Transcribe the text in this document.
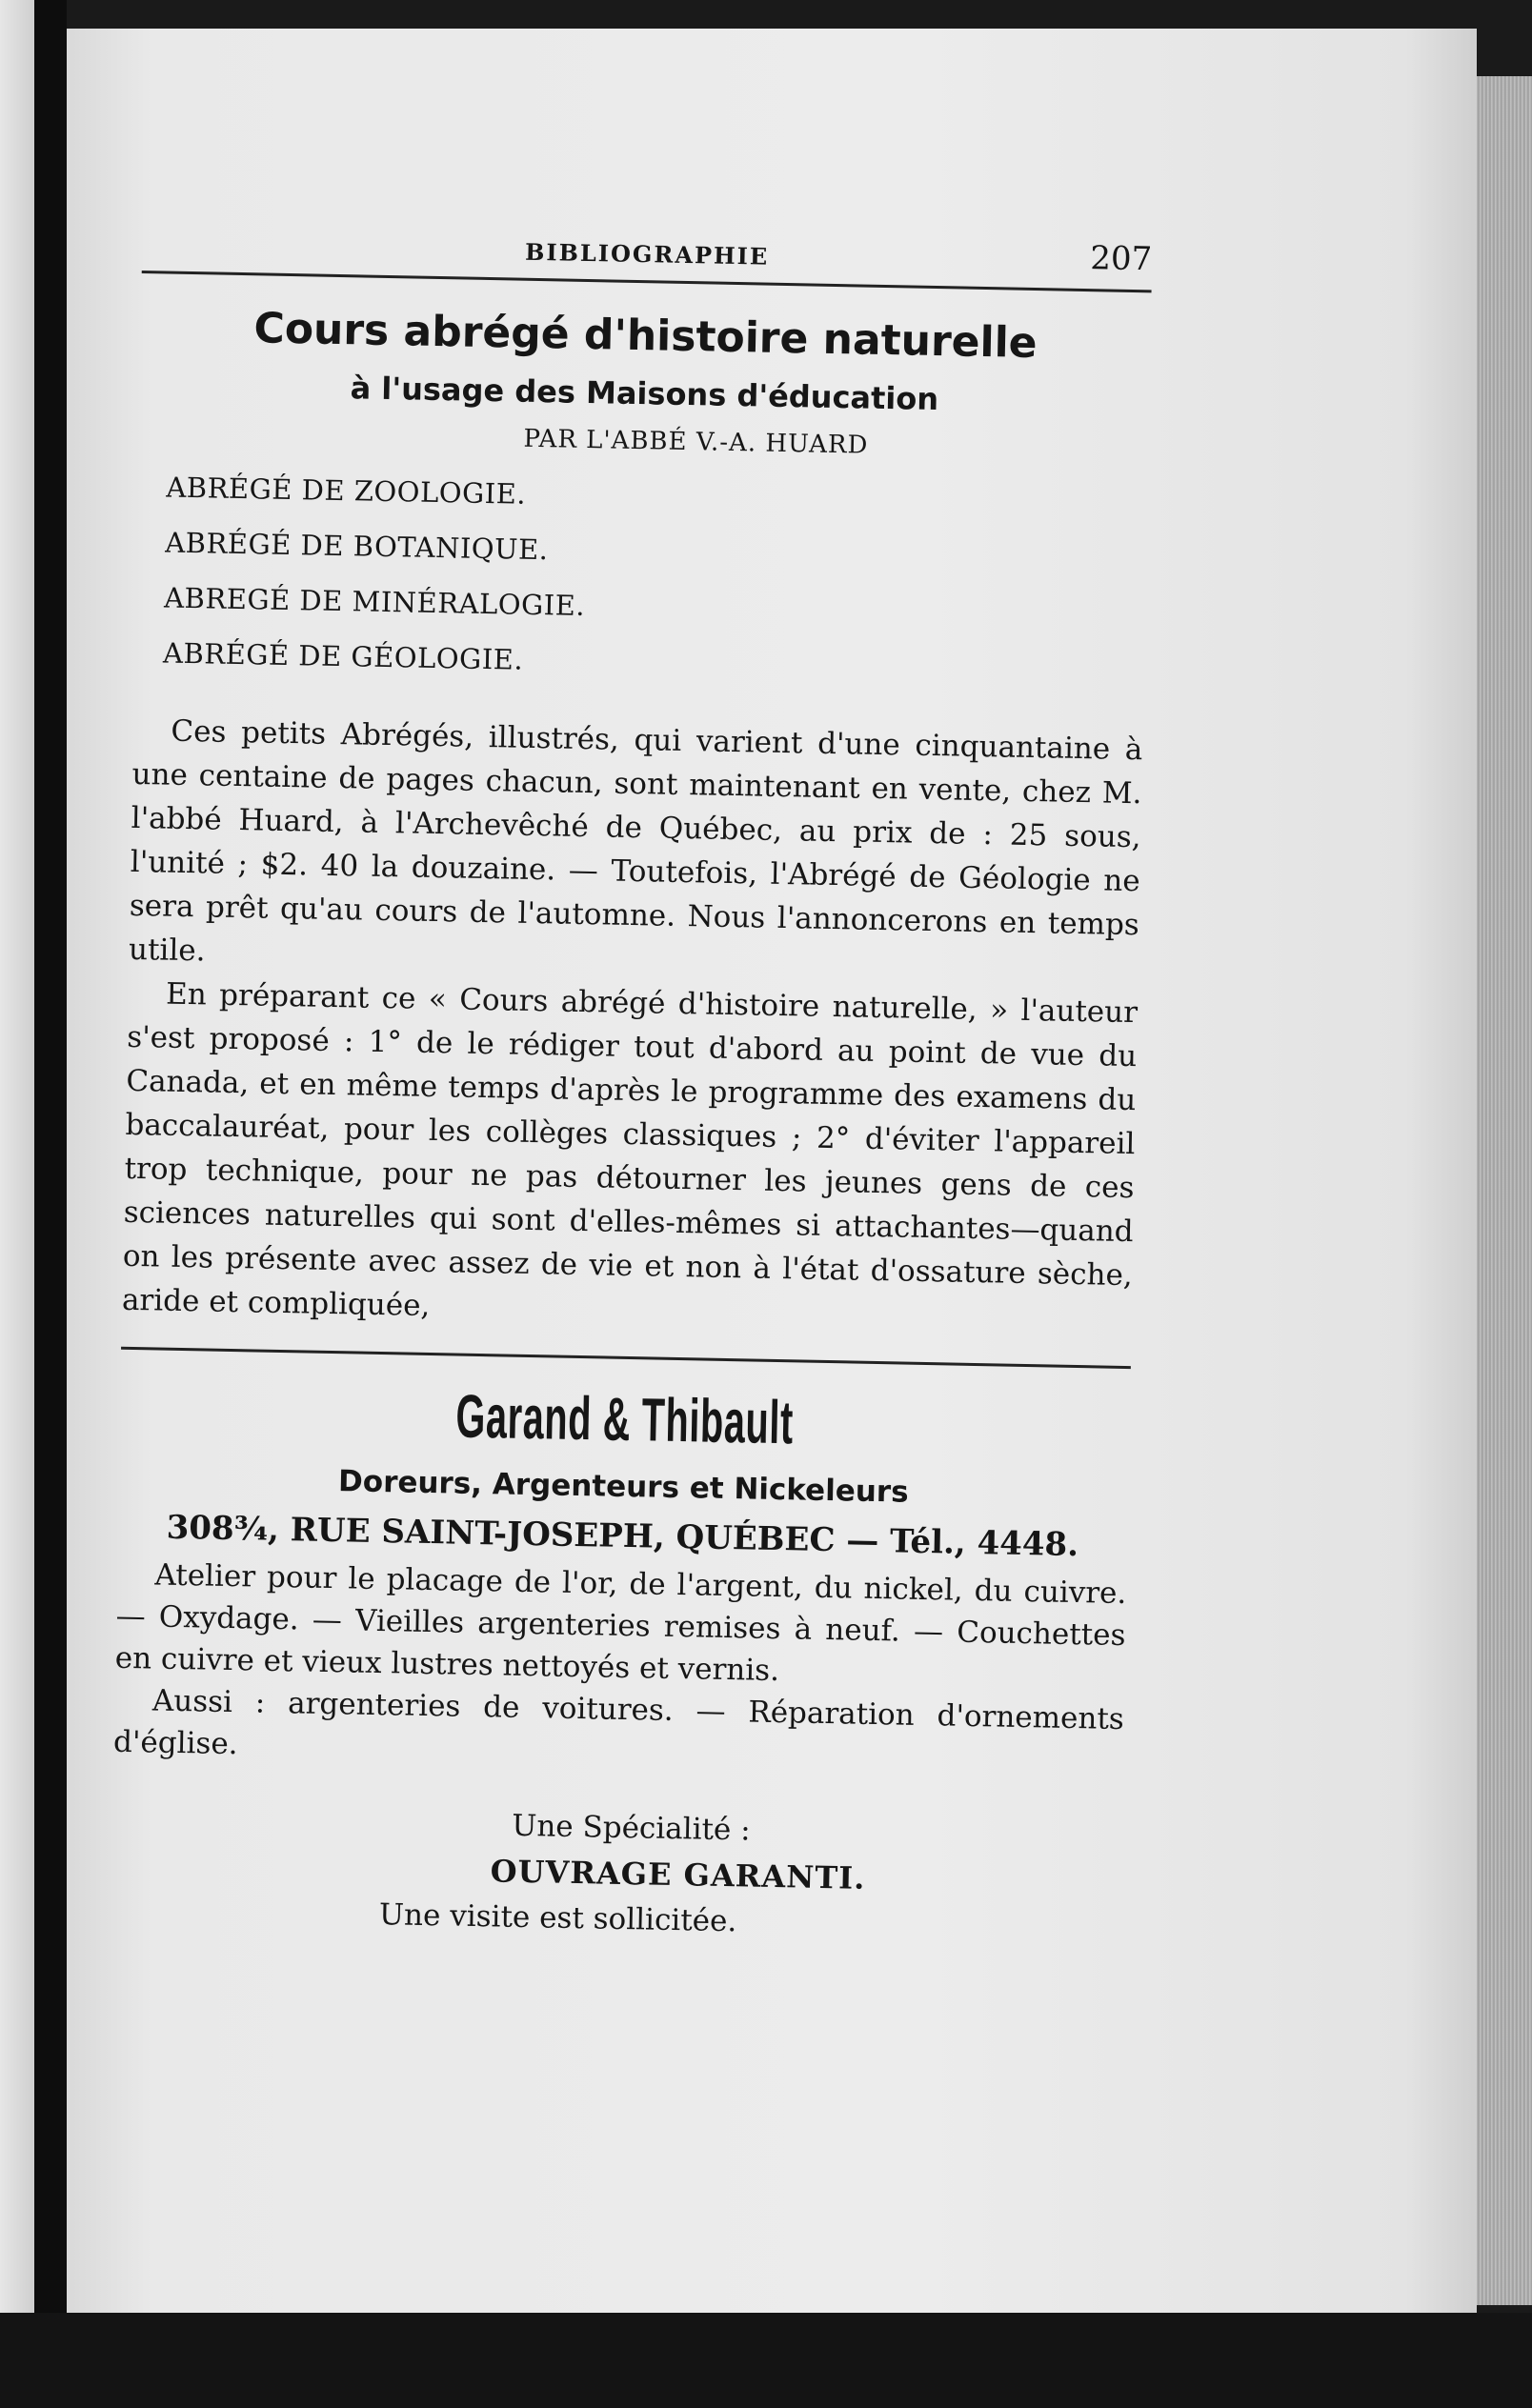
BIBLIOGRAPHIE	207
Cours abrégé d'histoire naturelle
à l'usage des Maisons d'éducation
PAR L'ABBÉ V.-A. HUARD
ABRÉGÉ DE ZOOLOGIE.
ABRÉGÉ DE BOTANIQUE.
ABREGÉ DE MINÉRALOGIE.
ABRÉGÉ DE GÉOLOGIE.

Ces petits Abrégés, illustrés, qui varient d'une cinquantaine à une centaine de pages chacun, sont maintenant en vente, chez M. l'abbé Huard, à l'Archevêché de Québec, au prix de : 25 sous, l'unité ; $2. 40 la douzaine. — Toutefois, l'Abrégé de Géologie ne sera prêt qu'au cours de l'automne. Nous l'annoncerons en temps utile.

En préparant ce « Cours abrégé d'histoire naturelle, » l'auteur s'est proposé : 1° de le rédiger tout d'abord au point de vue du Canada, et en même temps d'après le programme des examens du baccalauréat, pour les collèges classiques ; 2° d'éviter l'appareil trop technique, pour ne pas détourner les jeunes gens de ces sciences naturelles qui sont d'elles-mêmes si attachantes—quand on les présente avec assez de vie et non à l'état d'ossature sèche, aride et compliquée,

Garand & Thibault
Doreurs, Argenteurs et Nickeleurs
308¾, RUE SAINT-JOSEPH, QUÉBEC — Tél., 4448.

Atelier pour le placage de l'or, de l'argent, du nickel, du cuivre. — Oxydage. — Vieilles argenteries remises à neuf. — Couchettes en cuivre et vieux lustres nettoyés et vernis.

Aussi : argenteries de voitures. — Réparation d'ornements d'église.

Une Spécialité :
OUVRAGE GARANTI.
Une visite est sollicitée.
